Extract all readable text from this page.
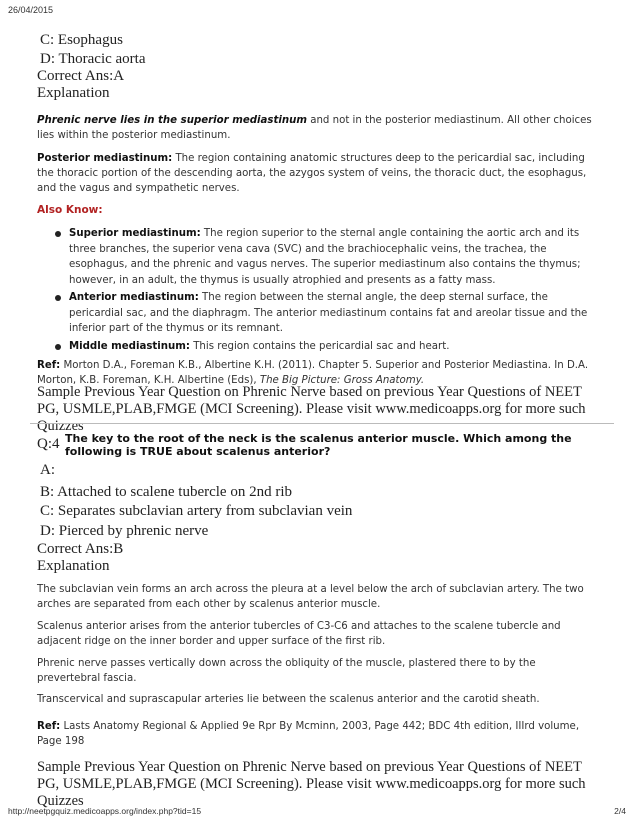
26/04/2015
C: Esophagus
D: Thoracic aorta
Correct Ans:A
Explanation
Phrenic nerve lies in the superior mediastinum and not in the posterior mediastinum. All other choices lies within the posterior mediastinum.
Posterior mediastinum: The region containing anatomic structures deep to the pericardial sac, including the thoracic portion of the descending aorta, the azygos system of veins, the thoracic duct, the esophagus, and the vagus and sympathetic nerves.
Also Know:
Superior mediastinum: The region superior to the sternal angle containing the aortic arch and its three branches, the superior vena cava (SVC) and the brachiocephalic veins, the trachea, the esophagus, and the phrenic and vagus nerves. The superior mediastinum also contains the thymus; however, in an adult, the thymus is usually atrophied and presents as a fatty mass.
Anterior mediastinum: The region between the sternal angle, the deep sternal surface, the pericardial sac, and the diaphragm. The anterior mediastinum contains fat and areolar tissue and the inferior part of the thymus or its remnant.
Middle mediastinum: This region contains the pericardial sac and heart.
Ref: Morton D.A., Foreman K.B., Albertine K.H. (2011). Chapter 5. Superior and Posterior Mediastina. In D.A. Morton, K.B. Foreman, K.H. Albertine (Eds), The Big Picture: Gross Anatomy.
Sample Previous Year Question on Phrenic Nerve based on previous Year Questions of NEET PG, USMLE,PLAB,FMGE (MCI Screening). Please visit www.medicoapps.org for more such Quizzes
Q:4 The key to the root of the neck is the scalenus anterior muscle. Which among the following is TRUE about scalenus anterior?
A:
B: Attached to scalene tubercle on 2nd rib
C: Separates subclavian artery from subclavian vein
D: Pierced by phrenic nerve
Correct Ans:B
Explanation
The subclavian vein forms an arch across the pleura at a level below the arch of subclavian artery. The two arches are separated from each other by scalenus anterior muscle.
Scalenus anterior arises from the anterior tubercles of C3-C6 and attaches to the scalene tubercle and adjacent ridge on the inner border and upper surface of the first rib.
Phrenic nerve passes vertically down across the obliquity of the muscle, plastered there to by the prevertebral fascia.
Transcervical and suprascapular arteries lie between the scalenus anterior and the carotid sheath.
Ref: Lasts Anatomy Regional & Applied 9e Rpr By Mcminn, 2003, Page 442; BDC 4th edition, IIIrd volume, Page 198
Sample Previous Year Question on Phrenic Nerve based on previous Year Questions of NEET PG, USMLE,PLAB,FMGE (MCI Screening). Please visit www.medicoapps.org for more such Quizzes
http://neetpgquiz.medicoapps.org/index.php?tid=15	2/4
